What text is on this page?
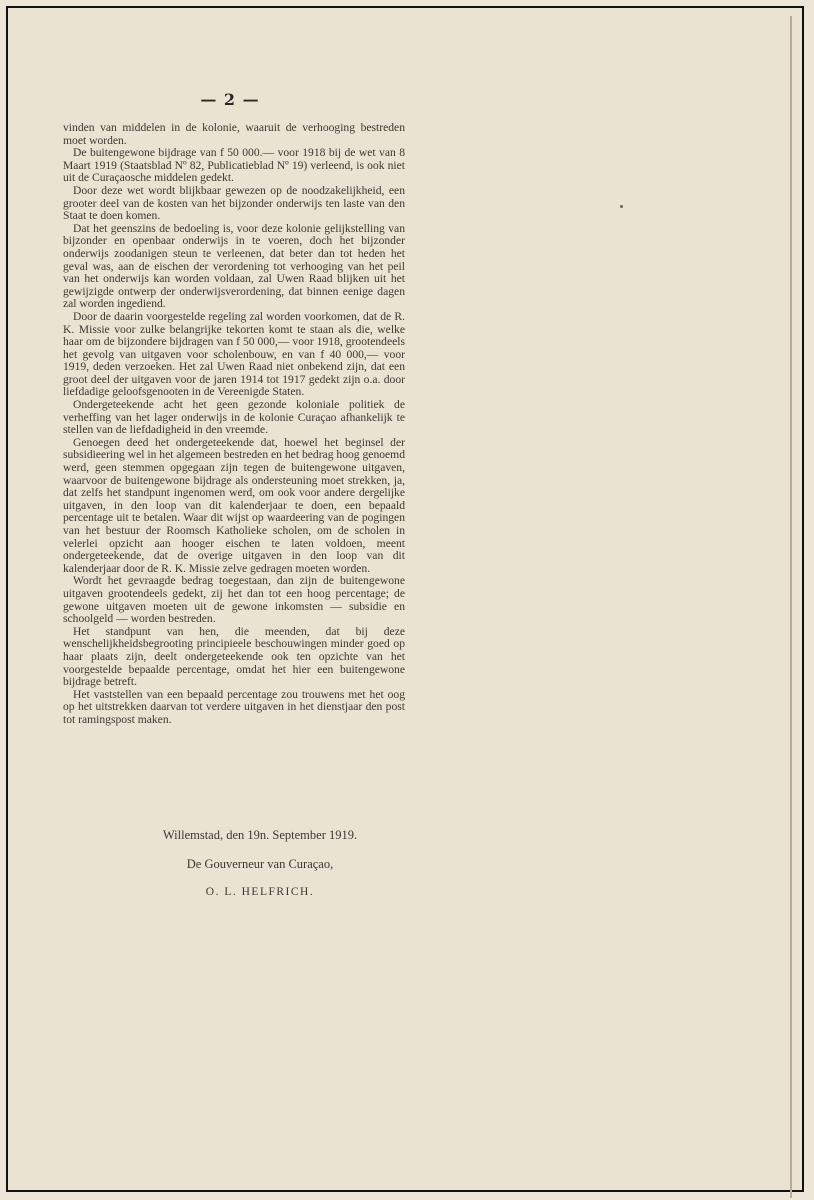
— 2 —

vinden van middelen in de kolonie, waaruit de verhooging bestreden moet worden.

De buitengewone bijdrage van f 50 000.— voor 1918 bij de wet van 8 Maart 1919 (Staatsblad Nº 82, Publicatieblad Nº 19) verleend, is ook niet uit de Curaçaosche middelen gedekt.

Door deze wet wordt blijkbaar gewezen op de noodzakelijkheid, een grooter deel van de kosten van het bijzonder onderwijs ten laste van den Staat te doen komen.

Dat het geenszins de bedoeling is, voor deze kolonie gelijkstelling van bijzonder en openbaar onderwijs in te voeren, doch het bijzonder onderwijs zoodanigen steun te verleenen, dat beter dan tot heden het geval was, aan de eischen der verordening tot verhooging van het peil van het onderwijs kan worden voldaan, zal Uwen Raad blijken uit het gewijzigde ontwerp der onderwijsverordening, dat binnen eenige dagen zal worden ingediend.

Door de daarin voorgestelde regeling zal worden voorkomen, dat de R. K. Missie voor zulke belangrijke tekorten komt te staan als die, welke haar om de bijzondere bijdragen van f 50 000,— voor 1918, grootendeels het gevolg van uitgaven voor scholenbouw, en van f 40 000,— voor 1919, deden verzoeken. Het zal Uwen Raad niet onbekend zijn, dat een groot deel der uitgaven voor de jaren 1914 tot 1917 gedekt zijn o.a. door liefdadige geloofsgenooten in de Vereenigde Staten.

Ondergeteekende acht het geen gezonde koloniale politiek de verheffing van het lager onderwijs in de kolonie Curaçao afhankelijk te stellen van de liefdadigheid in den vreemde.

Genoegen deed het ondergeteekende dat, hoewel het beginsel der subsidieering wel in het algemeen bestreden en het bedrag hoog genoemd werd, geen stemmen opgegaan zijn tegen de buitengewone uitgaven, waarvoor de buitengewone bijdrage als ondersteuning moet strekken, ja, dat zelfs het standpunt ingenomen werd, om ook voor andere dergelijke uitgaven, in den loop van dit kalenderjaar te doen, een bepaald percentage uit te betalen. Waar dit wijst op waardeering van de pogingen van het bestuur der Roomsch Katholieke scholen, om de scholen in velerlei opzicht aan hooger eischen te laten voldoen, meent ondergeteekende, dat de overige uitgaven in den loop van dit kalenderjaar door de R. K. Missie zelve gedragen moeten worden.

Wordt het gevraagde bedrag toegestaan, dan zijn de buitengewone uitgaven grootendeels gedekt, zij het dan tot een hoog percentage; de gewone uitgaven moeten uit de gewone inkomsten — subsidie en schoolgeld — worden bestreden.

Het standpunt van hen, die meenden, dat bij deze wenschelijkheidsbegrooting principieele beschouwingen minder goed op haar plaats zijn, deelt ondergeteekende ook ten opzichte van het voorgestelde bepaalde percentage, omdat het hier een buitengewone bijdrage betreft.

Het vaststellen van een bepaald percentage zou trouwens met het oog op het uitstrekken daarvan tot verdere uitgaven in het dienstjaar den post tot ramingspost maken.

Willemstad, den 19n. September 1919.
De Gouverneur van Curaçao,
O. L. HELFRICH.
